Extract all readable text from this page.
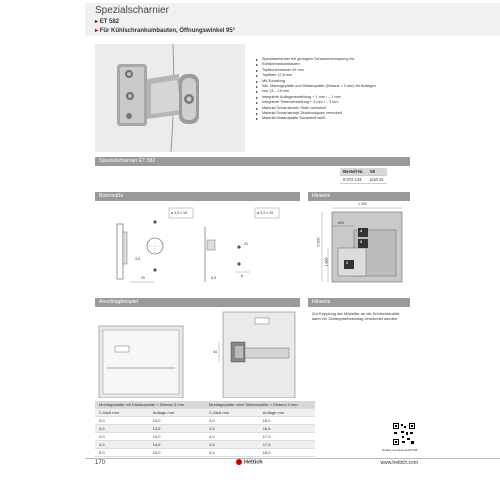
Spezialscharnier
▸ ET 582
▸ Für Kühlschrankumbauten, Öffnungswinkel 95°
▸ Spezialscharnier mit geringem Scharnierarmsprung für
▸ Kühlschrankumbauten
▸ Topfdurchmesser 26 mm
▸ Topftiefe 12,8 mm
▸ Mit Zuhaltung
▸ Inkl. Montageplatte und Distanzplatte (Distanz = 3 mm) für Auflagen
▸ von 13 – 18 mm
▸ Integrierte Auflageverstellung + 1 mm / – 1 mm
▸ Integrierte Tiefenverstellung + 3 mm / – 3 mm
▸ Material Scharnierarm Stahl vernickelt
▸ Material Scharniertopf Zinkdruckguss vernickelt
▸ Material Distanzplatte Kunststoff weiß
Spezialscharnier ET 582
Bestell-Nr.	VE
0 072 134	1/10 St.
Bohrmaße
ø 3,0 x 16	ø 4,2 x 15
3,5
20	5,5
31
6
Hinweis
4
3
2
2 600
1 800
1 200
600
Anschlagbeispiel
44
Hinweis
Zur Kupplung der Möbeltür an die Kühlschranktür kann ein Schlepptürbeschlag verwendet werden.
Montageplatte mit Distanzplatte = Distanz 3 mm		Montageplatte ohne Distanzplatte = Distanz 0 mm	
C-Maß mm	Auflage mm	C-Maß mm	Auflage mm
3,0	13,0	3,0	16,0
3,5	13,5	3,5	16,5
4,0	14,0	4,0	17,0
4,5	14,5	4,5	17,5
5,0	15,0	5,0	18,0	Hettich.com/scan/s103768
170	Hettich	www.hettich.com
